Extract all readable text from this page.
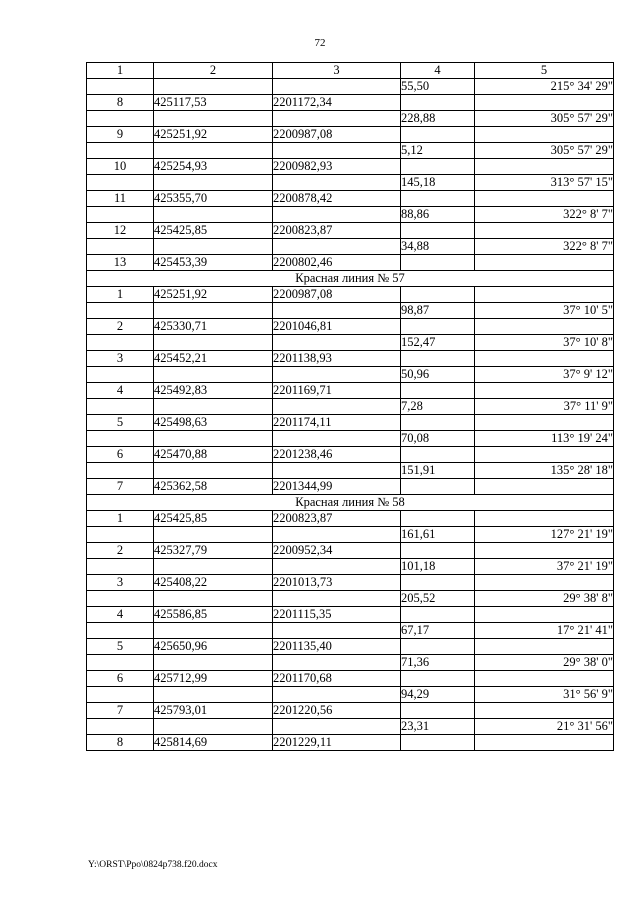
72
1	2	3	4	5
			55,50	215° 34' 29"
8	425117,53	2201172,34		
			228,88	305° 57' 29"
9	425251,92	2200987,08		
			5,12	305° 57' 29"
10	425254,93	2200982,93		
			145,18	313° 57' 15"
11	425355,70	2200878,42		
			88,86	322° 8' 7"
12	425425,85	2200823,87		
			34,88	322° 8' 7"
13	425453,39	2200802,46		
Красная линия № 57				
1	425251,92	2200987,08		
			98,87	37° 10' 5"
2	425330,71	2201046,81		
			152,47	37° 10' 8"
3	425452,21	2201138,93		
			50,96	37° 9' 12"
4	425492,83	2201169,71		
			7,28	37° 11' 9"
5	425498,63	2201174,11		
			70,08	113° 19' 24"
6	425470,88	2201238,46		
			151,91	135° 28' 18"
7	425362,58	2201344,99		
Красная линия № 58				
1	425425,85	2200823,87		
			161,61	127° 21' 19"
2	425327,79	2200952,34		
			101,18	37° 21' 19"
3	425408,22	2201013,73		
			205,52	29° 38' 8"
4	425586,85	2201115,35		
			67,17	17° 21' 41"
5	425650,96	2201135,40		
			71,36	29° 38' 0"
6	425712,99	2201170,68		
			94,29	31° 56' 9"
7	425793,01	2201220,56		
			23,31	21° 31' 56"
8	425814,69	2201229,11		
Y:\ORST\Ppo\0824p738.f20.docx
